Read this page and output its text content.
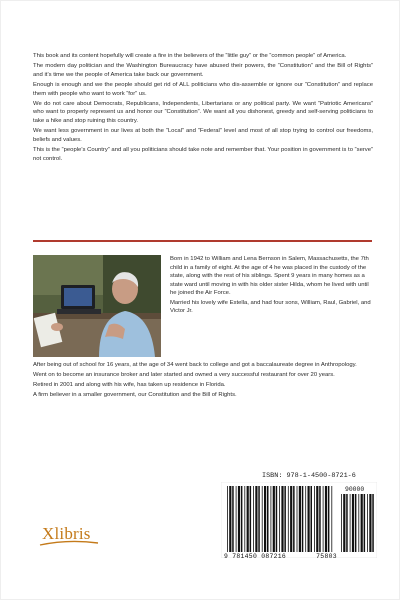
This book and its content hopefully will create a fire in the believers of the “little guy” or the “common people” of America.

The modern day politician and the Washington Bureaucracy have abused their powers, the “Constitution” and the Bill of Rights” and it’s time we the people of America take back our government.

Enough is enough and we the people should get rid of ALL politicians who dis-assemble or ignore our “Constitution” and replace them with people who want to work “for” us.

We do not care about Democrats, Republicans, Independents, Libertarians or any political party. We want “Patriotic Americans” who want to properly represent us and honor our “Constitution”. We want all you dishonest, greedy and self-serving politicians to take a hike and stop ruining this country.

We want less government in our lives at both the “Local” and “Federal” level and most of all stop trying to control our freedoms, beliefs and values.

This is the “people’s Country” and all you politicians should take note and remember that. Your position in government is to “serve” not control.

Born in 1942 to William and Lena Bernson in Salem, Massachusetts, the 7th child in a family of eight. At the age of 4 he was placed in the custody of the state, along with the rest of his siblings. Spent 9 years in many homes as a state ward until moving in with his older sister Hilda, whom he lived with until he joined the Air Force.

Married his lovely wife Estella, and had four sons, William, Raul, Gabriel, and Victor Jr.

After being out of school for 16 years, at the age of 34 went back to college and got a baccalaureate degree in Anthropology.

Went on to become an insurance broker and later started and owned a very successful restaurant for over 20 years.

Retired in 2001 and along with his wife, has taken up residence in Florida.

A firm believer in a smaller government, our Constitution and the Bill of Rights.

Xlibris
ISBN: 978-1-4500-8721-6
90000
9 781450 087216	75803
